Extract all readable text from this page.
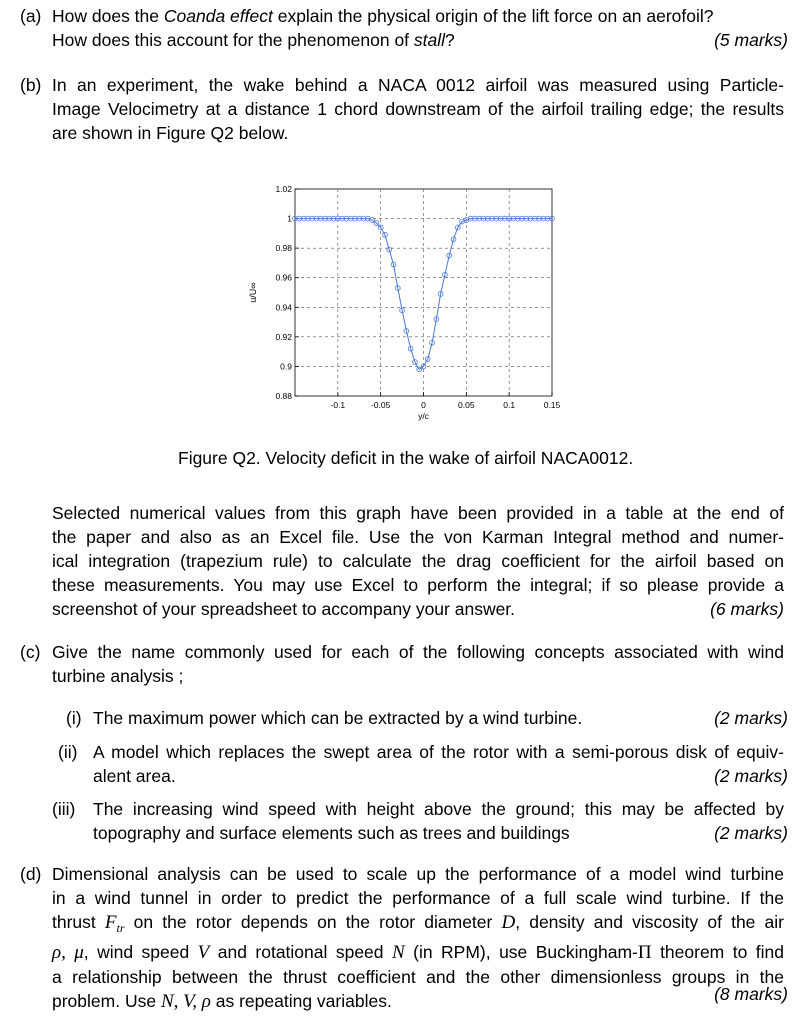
(a) How does the Coanda effect explain the physical origin of the lift force on an aerofoil?
How does this account for the phenomenon of stall?	(5 marks)
(b) In an experiment, the wake behind a NACA 0012 airfoil was measured using Particle-
Image Velocimetry at a distance 1 chord downstream of the airfoil trailing edge; the results
are shown in Figure Q2 below.
-0.1	-0.05	0	0.05	0.1	0.15
0.88
0.9
0.92
0.94
0.96
0.98
1
1.02
y/c
u/U∞
Figure Q2. Velocity deficit in the wake of airfoil NACA0012.
Selected numerical values from this graph have been provided in a table at the end of
the paper and also as an Excel file. Use the von Karman Integral method and numer-
ical integration (trapezium rule) to calculate the drag coefficient for the airfoil based on
these measurements. You may use Excel to perform the integral; if so please provide a
screenshot of your spreadsheet to accompany your answer.	(6 marks)
(c) Give the name commonly used for each of the following concepts associated with wind
turbine analysis ;
(i) The maximum power which can be extracted by a wind turbine.	(2 marks)
(ii) A model which replaces the swept area of the rotor with a semi-porous disk of equiv-
alent area.	(2 marks)
(iii) The increasing wind speed with height above the ground; this may be affected by
topography and surface elements such as trees and buildings	(2 marks)
(d) Dimensional analysis can be used to scale up the performance of a model wind turbine
in a wind tunnel in order to predict the performance of a full scale wind turbine. If the
thrust $F_{tr}$ on the rotor depends on the rotor diameter D, density and viscosity of the air
ρ, μ, wind speed V and rotational speed N (in RPM), use Buckingham-Π theorem to find
a relationship between the thrust coefficient and the other dimensionless groups in the
problem. Use N, V, ρ as repeating variables.	(8 marks)
